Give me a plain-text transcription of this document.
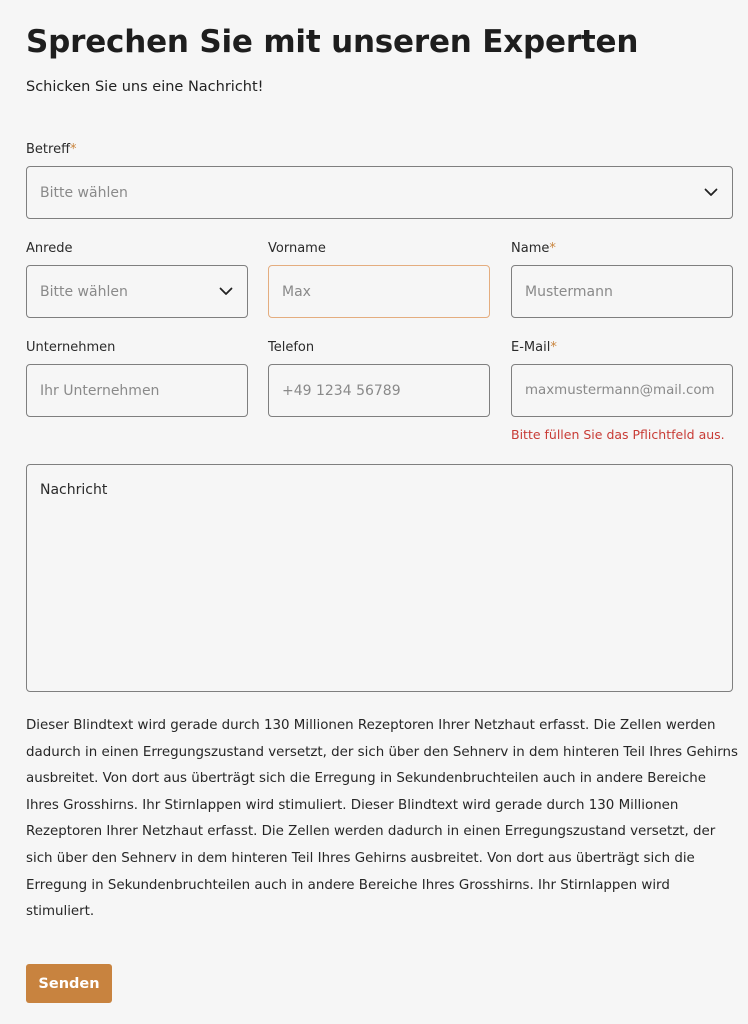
Sprechen Sie mit unseren Experten

Schicken Sie uns eine Nachricht!

Betreff*
Bitte wählen
Anrede
Bitte wählen
Vorname
Max
Name*
Mustermann
Unternehmen
Ihr Unternehmen
Telefon
+49 1234 56789
E-Mail*
maxmustermann@mail.com
Bitte füllen Sie das Pflichtfeld aus.
Nachricht

Dieser Blindtext wird gerade durch 130 Millionen Rezeptoren Ihrer Netzhaut erfasst. Die Zellen werden dadurch in einen Erregungszustand versetzt, der sich über den Sehnerv in dem hinteren Teil Ihres Gehirns ausbreitet. Von dort aus überträgt sich die Erregung in Sekundenbruchteilen auch in andere Bereiche Ihres Grosshirns. Ihr Stirnlappen wird stimuliert. Dieser Blindtext wird gerade durch 130 Millionen Rezeptoren Ihrer Netzhaut erfasst. Die Zellen werden dadurch in einen Erregungszustand versetzt, der sich über den Sehnerv in dem hinteren Teil Ihres Gehirns ausbreitet. Von dort aus überträgt sich die Erregung in Sekundenbruchteilen auch in andere Bereiche Ihres Grosshirns. Ihr Stirnlappen wird stimuliert.

Senden
